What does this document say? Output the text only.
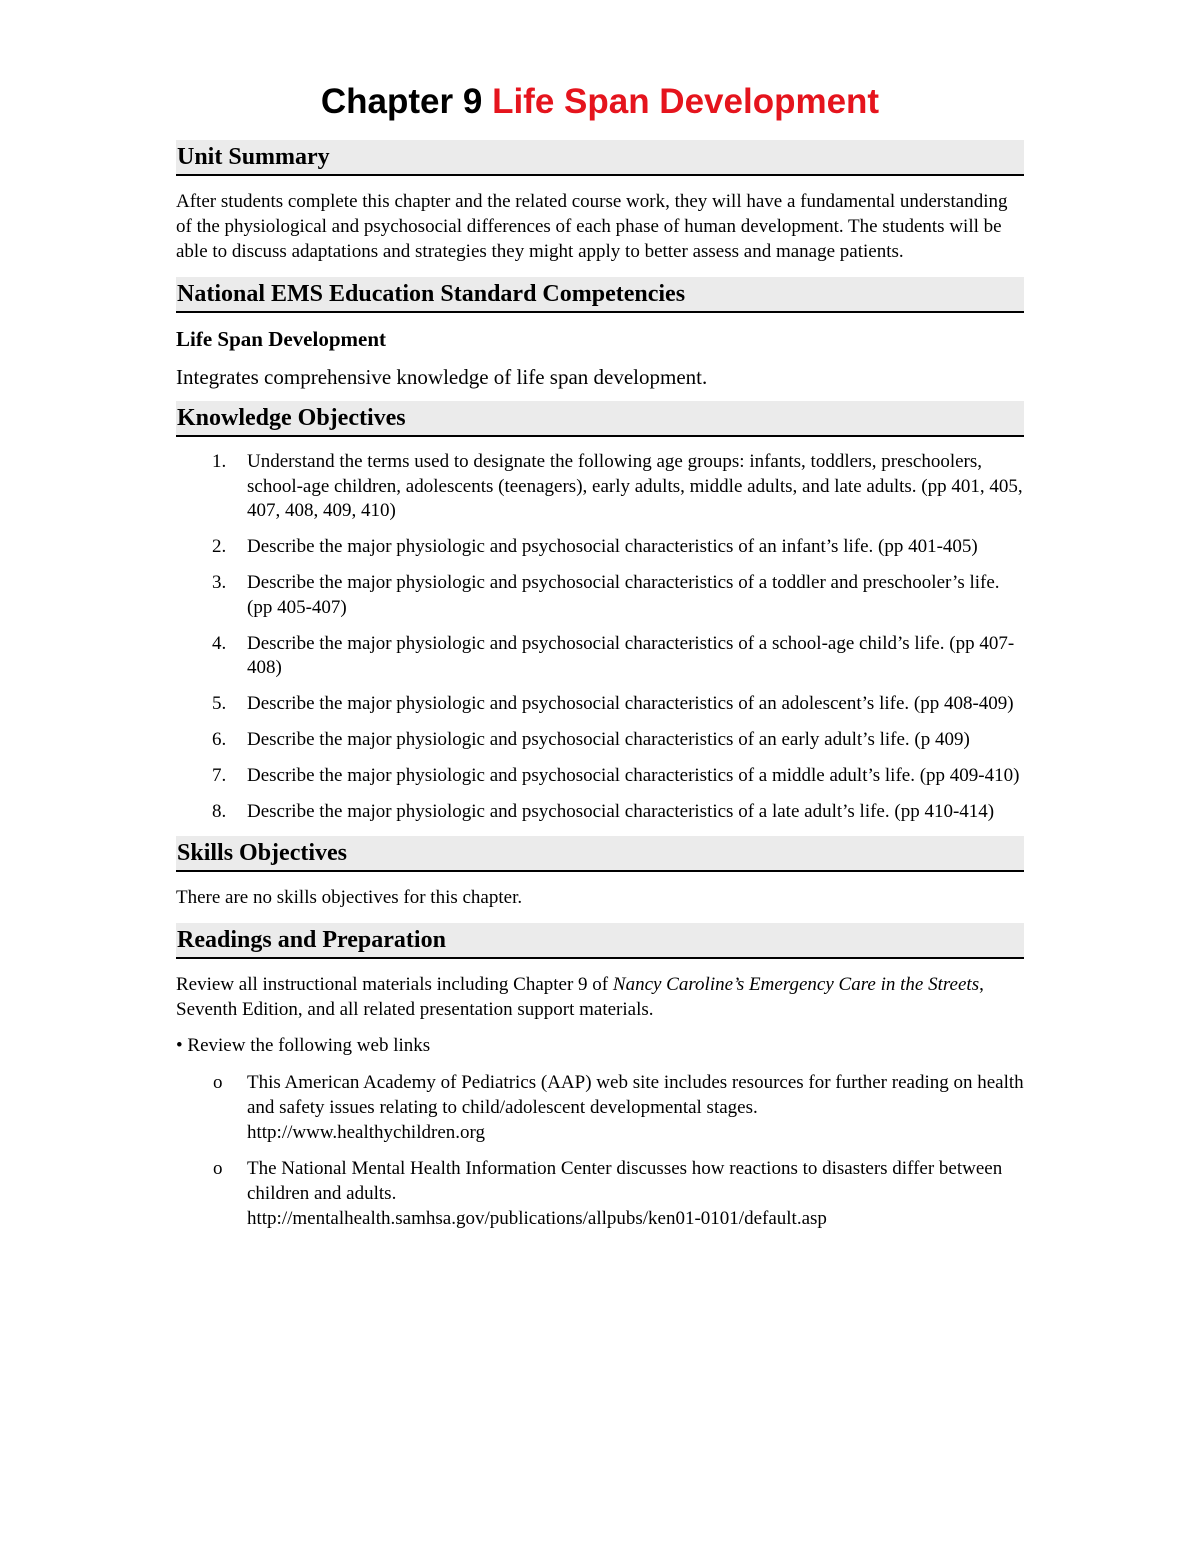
Chapter 9 Life Span Development
Unit Summary

After students complete this chapter and the related course work, they will have a fundamental understanding of the physiological and psychosocial differences of each phase of human development. The students will be able to discuss adaptations and strategies they might apply to better assess and manage patients.

National EMS Education Standard Competencies

Life Span Development

Integrates comprehensive knowledge of life span development.

Knowledge Objectives
1.	Understand the terms used to designate the following age groups: infants, toddlers, preschoolers, school-age children, adolescents (teenagers), early adults, middle adults, and late adults. (pp 401, 405, 407, 408, 409, 410)
2.	Describe the major physiologic and psychosocial characteristics of an infant’s life. (pp 401-405)
3.	Describe the major physiologic and psychosocial characteristics of a toddler and preschooler’s life. (pp 405-407)
4.	Describe the major physiologic and psychosocial characteristics of a school-age child’s life. (pp 407-408)
5.	Describe the major physiologic and psychosocial characteristics of an adolescent’s life. (pp 408-409)
6.	Describe the major physiologic and psychosocial characteristics of an early adult’s life. (p 409)
7.	Describe the major physiologic and psychosocial characteristics of a middle adult’s life. (pp 409-410)
8.	Describe the major physiologic and psychosocial characteristics of a late adult’s life. (pp 410-414)
Skills Objectives

There are no skills objectives for this chapter.

Readings and Preparation

Review all instructional materials including Chapter 9 of Nancy Caroline’s Emergency Care in the Streets, Seventh Edition, and all related presentation support materials.

• Review the following web links

o	This American Academy of Pediatrics (AAP) web site includes resources for further reading on health and safety issues relating to child/adolescent developmental stages.
http://www.healthychildren.org
o	The National Mental Health Information Center discusses how reactions to disasters differ between children and adults.
http://mentalhealth.samhsa.gov/publications/allpubs/ken01-0101/default.asp
